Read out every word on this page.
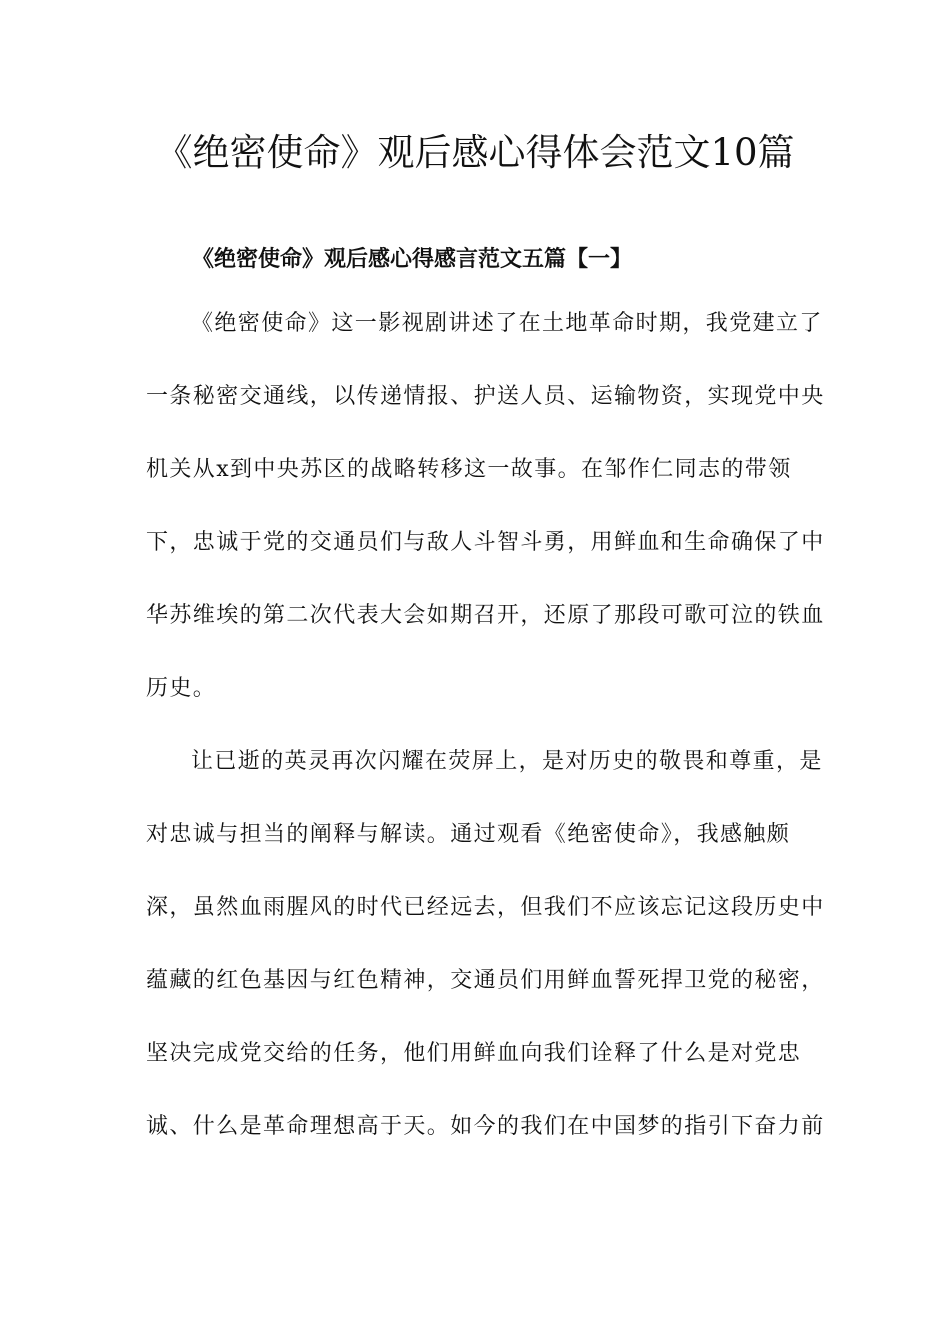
《绝密使命》观后感心得体会范文10篇
《绝密使命》观后感心得感言范文五篇【一】
《绝密使命》这一影视剧讲述了在土地革命时期，我党建立了
一条秘密交通线，以传递情报、护送人员、运输物资，实现党中央
机关从x到中央苏区的战略转移这一故事。在邹作仁同志的带领
下，忠诚于党的交通员们与敌人斗智斗勇，用鲜血和生命确保了中
华苏维埃的第二次代表大会如期召开，还原了那段可歌可泣的铁血
历史。
让已逝的英灵再次闪耀在荧屏上，是对历史的敬畏和尊重，是
对忠诚与担当的阐释与解读。通过观看《绝密使命》，我感触颇
深，虽然血雨腥风的时代已经远去，但我们不应该忘记这段历史中
蕴藏的红色基因与红色精神，交通员们用鲜血誓死捍卫党的秘密，
坚决完成党交给的任务，他们用鲜血向我们诠释了什么是对党忠
诚、什么是革命理想高于天。如今的我们在中国梦的指引下奋力前
